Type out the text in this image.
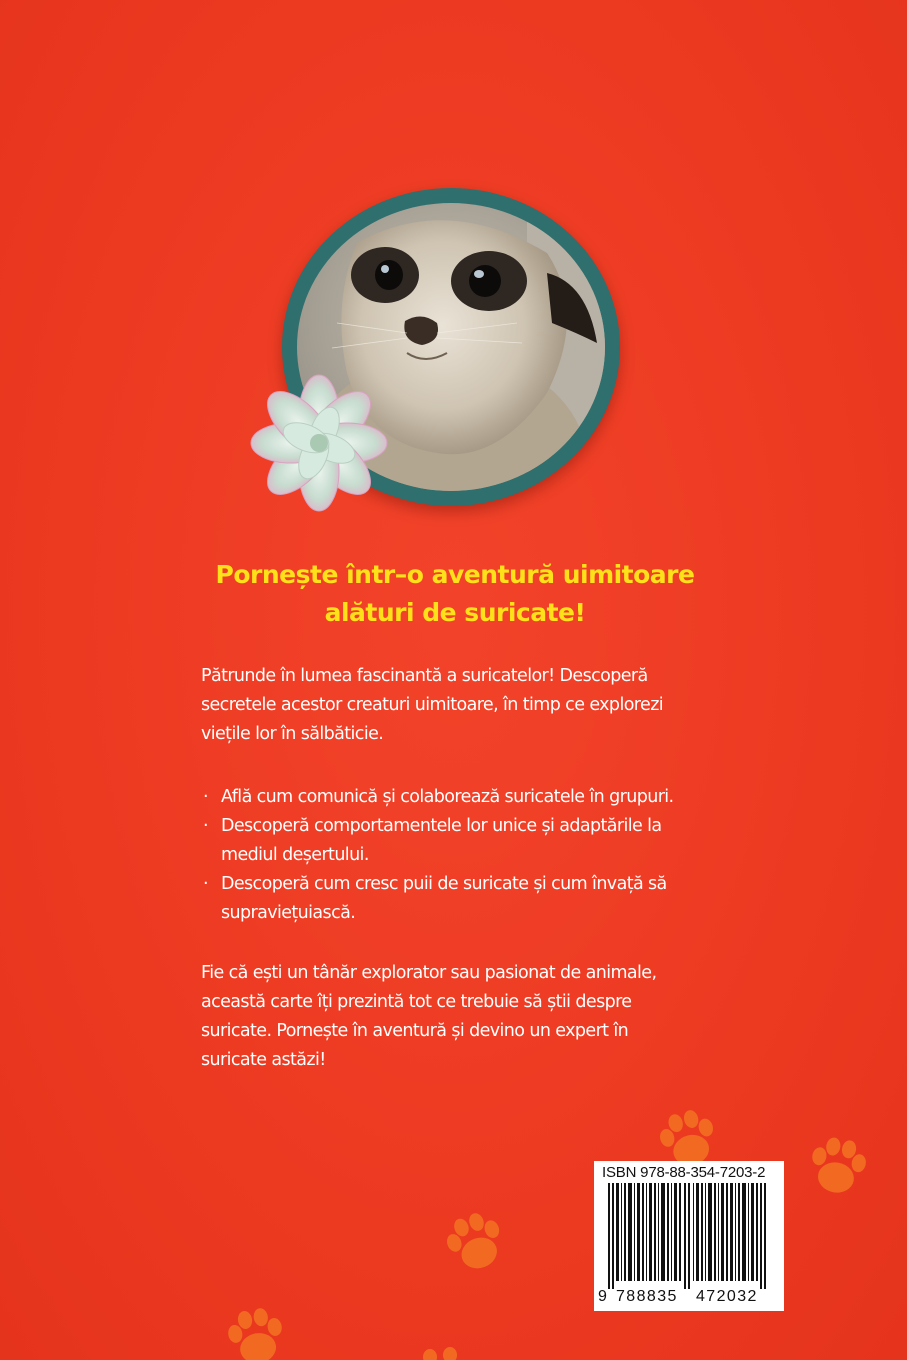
Pornește într–o aventură uimitoare
alături de suricate!

Pătrunde în lumea fascinantă a suricatelor! Descoperă

secretele acestor creaturi uimitoare, în timp ce explorezi

viețile lor în sălbăticie.

· Află cum comunică și colaborează suricatele în grupuri.
· Descoperă comportamentele lor unice și adaptările la
mediul deșertului.
· Descoperă cum cresc puii de suricate și cum învață să
supraviețuiască.

Fie că ești un tânăr explorator sau pasionat de animale,

această carte îți prezintă tot ce trebuie să știi despre

suricate. Pornește în aventură și devino un expert în

suricate astăzi!

ISBN 978-88-354-7203-2
9 788835 472032
